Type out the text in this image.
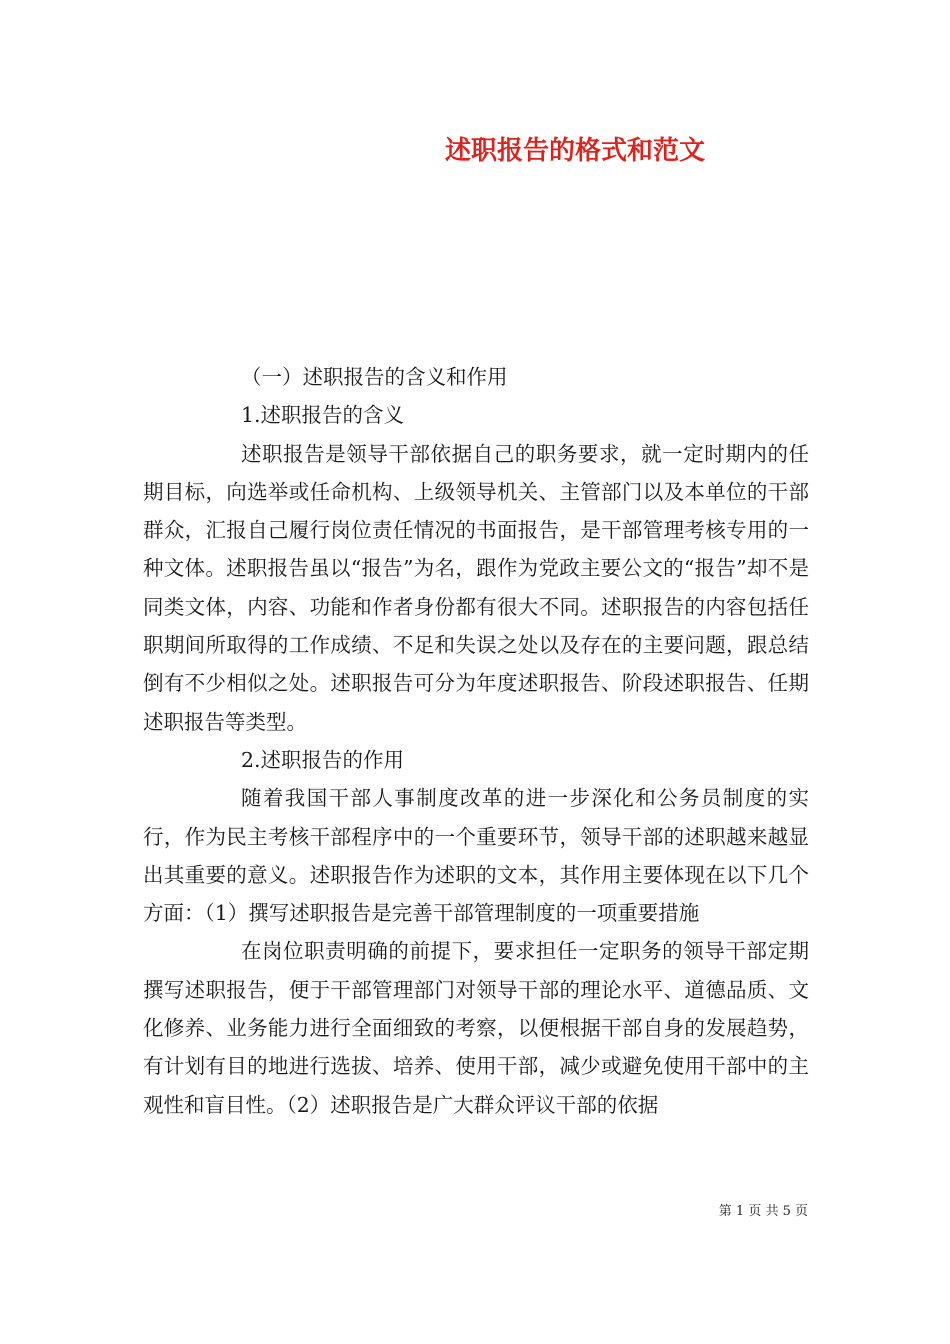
述职报告的格式和范文

（一）述职报告的含义和作用

1.述职报告的含义

述职报告是领导干部依据自己的职务要求，就一定时期内的任期目标，向选举或任命机构、上级领导机关、主管部门以及本单位的干部群众，汇报自己履行岗位责任情况的书面报告，是干部管理考核专用的一种文体。述职报告虽以“报告”为名，跟作为党政主要公文的“报告”却不是同类文体，内容、功能和作者身份都有很大不同。述职报告的内容包括任职期间所取得的工作成绩、不足和失误之处以及存在的主要问题，跟总结倒有不少相似之处。述职报告可分为年度述职报告、阶段述职报告、任期述职报告等类型。

2.述职报告的作用

随着我国干部人事制度改革的进一步深化和公务员制度的实行，作为民主考核干部程序中的一个重要环节，领导干部的述职越来越显出其重要的意义。述职报告作为述职的文本，其作用主要体现在以下几个方面：（1）撰写述职报告是完善干部管理制度的一项重要措施

在岗位职责明确的前提下，要求担任一定职务的领导干部定期撰写述职报告，便于干部管理部门对领导干部的理论水平、道德品质、文化修养、业务能力进行全面细致的考察，以便根据干部自身的发展趋势，有计划有目的地进行选拔、培养、使用干部，减少或避免使用干部中的主观性和盲目性。（2）述职报告是广大群众评议干部的依据

第 1 页 共 5 页
